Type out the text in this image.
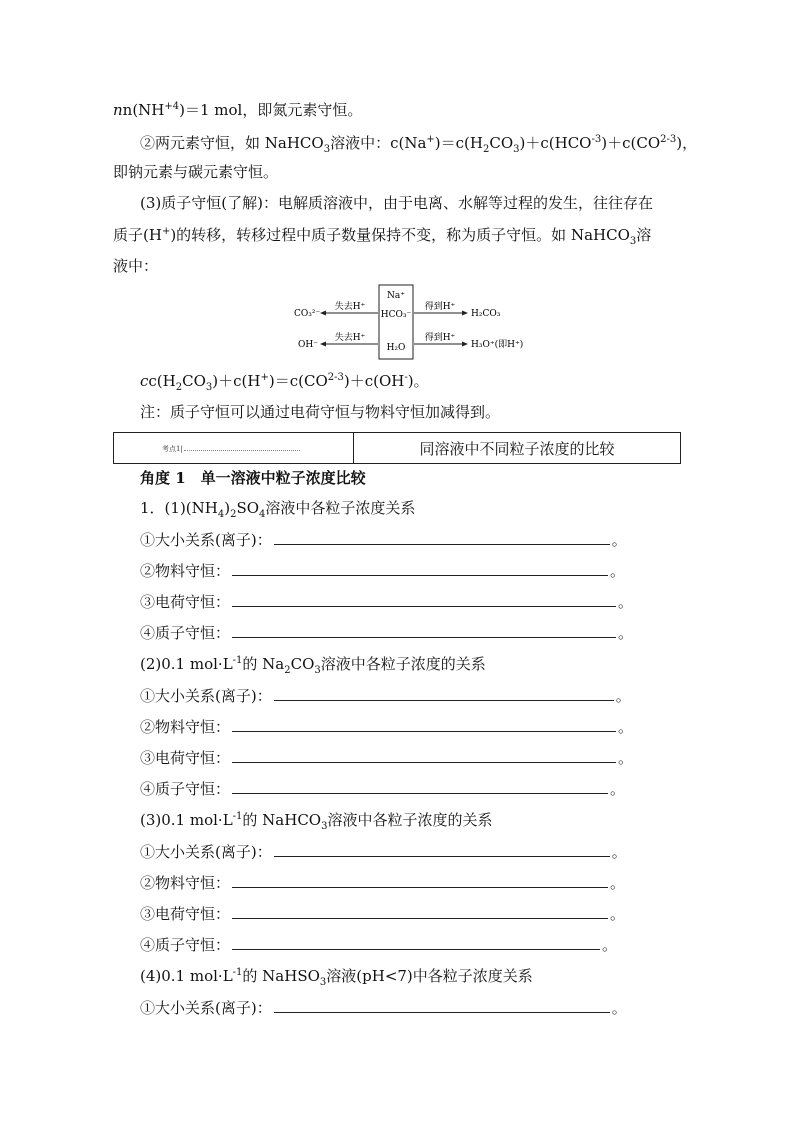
$nn(NH^{+4})=1$ mol，即氮元素守恒。
②两元素守恒，如 NaHCO$_3$溶液中：$c(Na^+)=c(H_2CO_3)+c(HCO^{-3})+c(CO^{2-3})$，
即钠元素与碳元素守恒。
(3)质子守恒(了解)：电解质溶液中，由于电离、水解等过程的发生，往往存在
质子(H+)的转移，转移过程中质子数量保持不变，称为质子守恒。如 NaHCO$_3$溶
液中：
Na⁺
HCO₃⁻
H₂O
失去H⁺
CO₃²⁻
失去H⁺
OH⁻
得到H⁺
H₂CO₃
得到H⁺
H₃O⁺(即H⁺)
$cc(H_2CO_3)+c(H^+)=c(CO^{2-3})+c(OH^-)$。
注：质子守恒可以通过电荷守恒与物料守恒加减得到。
考点1|	同溶液中不同粒子浓度的比较
角度 1　单一溶液中粒子浓度比较
1．$(1)(NH_4)_2SO_4$溶液中各粒子浓度关系
①大小关系(离子)：	。
②物料守恒：	。
③电荷守恒：	。
④质子守恒：	。
(2)0.1 $mol\cdot L^{-1}$的 $Na_2CO_3$溶液中各粒子浓度的关系
①大小关系(离子)：	。
②物料守恒：	。
③电荷守恒：	。
④质子守恒：	。
(3)0.1 $mol\cdot L^{-1}$的 NaHCO$_3$溶液中各粒子浓度的关系
①大小关系(离子)：	。
②物料守恒：	。
③电荷守恒：	。
④质子守恒：	。
(4)0.1 $mol\cdot L^{-1}$的 NaHSO$_3$溶液(pH<7)中各粒子浓度关系
①大小关系(离子)：	。
